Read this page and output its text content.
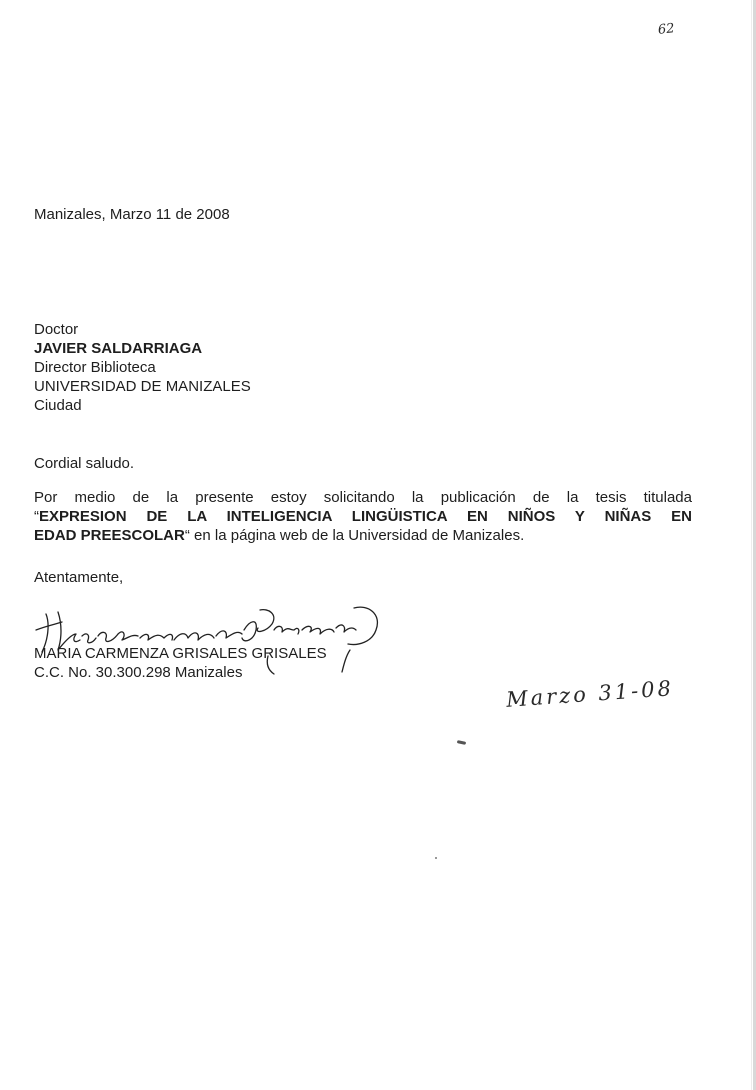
62
Manizales, Marzo 11 de 2008
Doctor
JAVIER SALDARRIAGA
Director Biblioteca
UNIVERSIDAD DE MANIZALES
Ciudad
Cordial saludo.
Por medio de la presente estoy solicitando la publicación de la tesis titulada
“EXPRESION DE LA INTELIGENCIA LINGÜISTICA EN NIÑOS Y NIÑAS EN
EDAD PREESCOLAR“ en la página web de la Universidad de Manizales.
Atentamente,
MARIA CARMENZA GRISALES GRISALES
C.C. No. 30.300.298 Manizales
Marzo 31-08
